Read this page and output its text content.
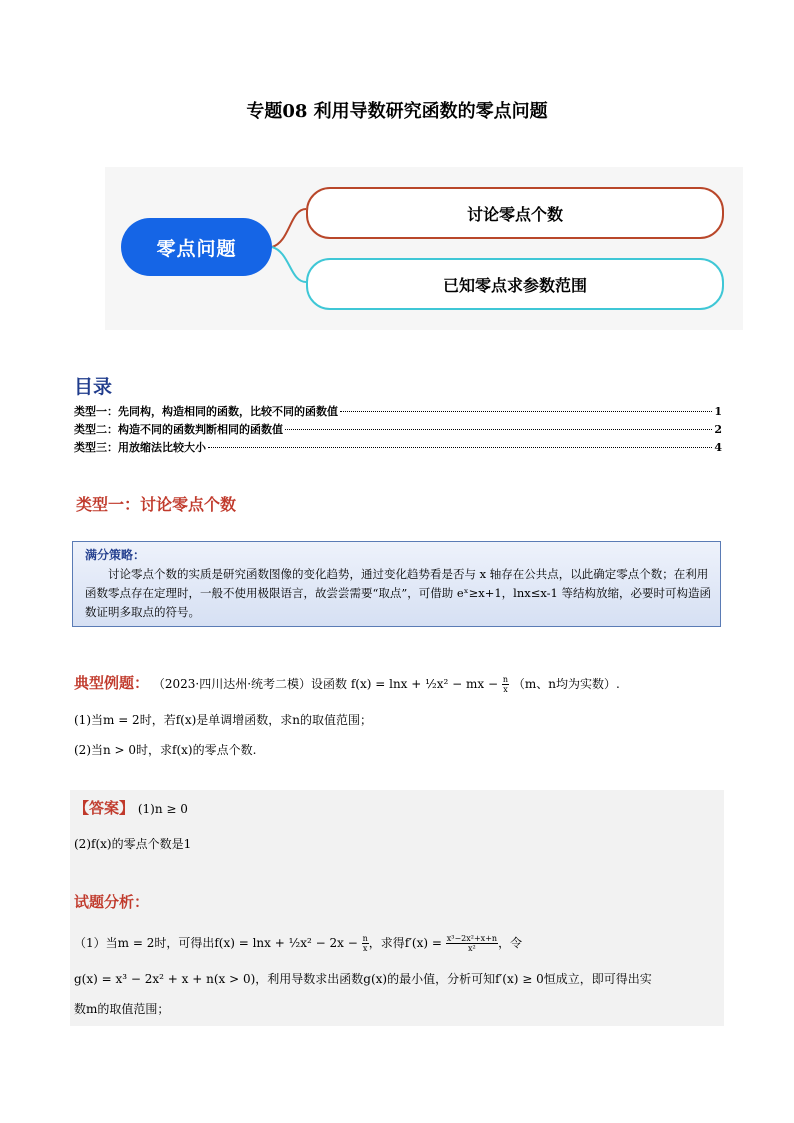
专题08 利用导数研究函数的零点问题
零点问题
讨论零点个数
已知零点求参数范围
目录
类型一：先同构，构造相同的函数，比较不同的函数值	1
类型二：构造不同的函数判断相同的函数值	2
类型三：用放缩法比较大小	4
类型一：讨论零点个数
满分策略：
讨论零点个数的实质是研究函数图像的变化趋势，通过变化趋势看是否与 x 轴存在公共点，以此确定零点个数；在利用函数零点存在定理时，一般不使用极限语言，故尝尝需要“取点”，可借助 eˣ≥x+1，lnx≤x-1 等结构放缩，必要时可构造函数证明多取点的符号。
典型例题： （2023·四川达州·统考二模）设函数 f(x) = lnx + ½x² − mx − $\frac{n}{x} (m$、n均为实数）.
(1)当m = 2时，若f(x)是单调增函数，求n的取值范围；
(2)当n > 0时，求f(x)的零点个数.
【答案】 (1)n ≥ 0
(2)f(x)的零点个数是1
试题分析：
（1）当m = 2时，可得出f(x) = lnx + ½x² − $2x - \frac{n}{x}$ ，求得$f'(x) = \frac{\text{x³−2x²+x+n}}{\text{x²}}$ ，令
g(x) = x³ − 2x² + x + n(x > 0)，利用导数求出函数g(x)的最小值，分析可知f′(x) ≥ 0恒成立，即可得出实
数m的取值范围；
